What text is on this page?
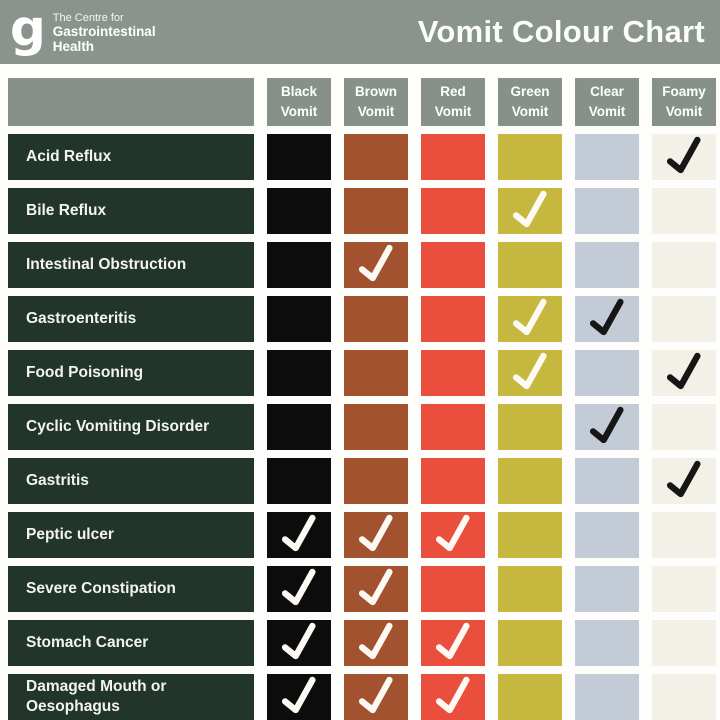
g The Centre for
Gastrointestinal
Health	Vomit Colour Chart
Black
Vomit
Brown
Vomit
Red
Vomit
Green
Vomit
Clear
Vomit
Foamy
Vomit
Acid Reflux
Bile Reflux
Intestinal Obstruction
Gastroenteritis
Food Poisoning
Cyclic Vomiting Disorder
Gastritis
Peptic ulcer
Severe Constipation
Stomach Cancer
Damaged Mouth or Oesophagus
